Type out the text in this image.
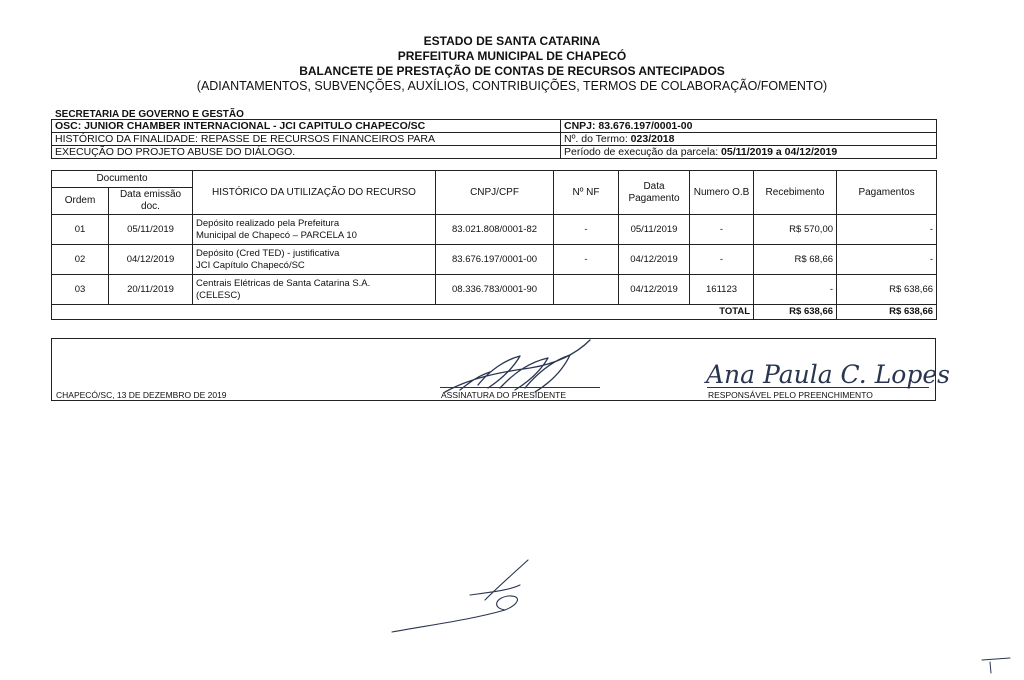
ESTADO DE SANTA CATARINA
PREFEITURA MUNICIPAL DE CHAPECÓ
BALANCETE DE PRESTAÇÃO DE CONTAS DE RECURSOS ANTECIPADOS
(ADIANTAMENTOS, SUBVENÇÕES, AUXÍLIOS, CONTRIBUIÇÕES, TERMOS DE COLABORAÇÃO/FOMENTO)
SECRETARIA DE GOVERNO E GESTÃO
OSC: JUNIOR CHAMBER INTERNACIONAL - JCI CAPITULO CHAPECO/SC	CNPJ: 83.676.197/0001-00
HISTÓRICO DA FINALIDADE: REPASSE DE RECURSOS FINANCEIROS PARA	Nº. do Termo: 023/2018
EXECUÇÃO DO PROJETO ABUSE DO DIÁLOGO.	Período de execução da parcela: 05/11/2019 a 04/12/2019
Documento		HISTÓRICO DA UTILIZAÇÃO DO RECURSO	CNPJ/CPF	Nº NF	Data Pagamento	Numero O.B	Recebimento	Pagamentos
Ordem	Data emissão doc.							
01	05/11/2019	Depósito realizado pela Prefeitura
Municipal de Chapecó – PARCELA 10	83.021.808/0001-82	-	05/11/2019	-	R$ 570,00	-
02	04/12/2019	Depósito (Cred TED) - justificativa
JCI Capítulo Chapecó/SC	83.676.197/0001-00	-	04/12/2019	-	R$ 68,66	-
03	20/11/2019	Centrais Elétricas de Santa Catarina S.A.
(CELESC)	08.336.783/0001-90		04/12/2019	161123	-	R$ 638,66
TOTAL							R$ 638,66	R$ 638,66
CHAPECÓ/SC, 13 DE DEZEMBRO DE 2019	ASSINATURA DO PRESIDENTE	RESPONSÁVEL PELO PREENCHIMENTO
Ana Paula C. Lopes
